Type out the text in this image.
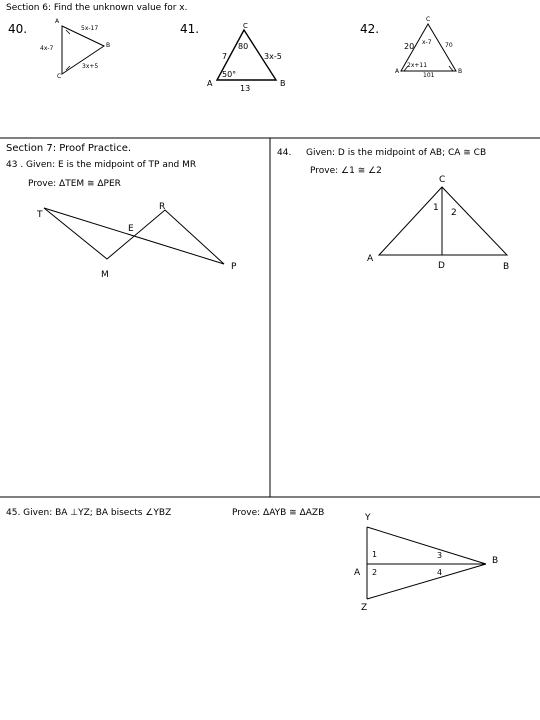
Section 6: Find the unknown value for x.
40.	41.	42.
A
B
C
5x-17
4x-7
3x+5
C
A	B
80
7	3x-5
50°
13
C
A	B
20 x-7 70
2x+11
101
Section 7: Proof Practice.
43 . Given: E is the midpoint of TP and MR
Prove: ΔTEM ≅ ΔPER
T
R
E
M
P
44. Given: D is the midpoint of AB; CA ≅ CB
Prove: ∠1 ≅ ∠2
C
A
D	B
1 2
45. Given: BA ⊥YZ; BA bisects ∠YBZ	Prove: ΔAYB ≅ ΔAZB	Y
A
Z
B
1
2
3
4
